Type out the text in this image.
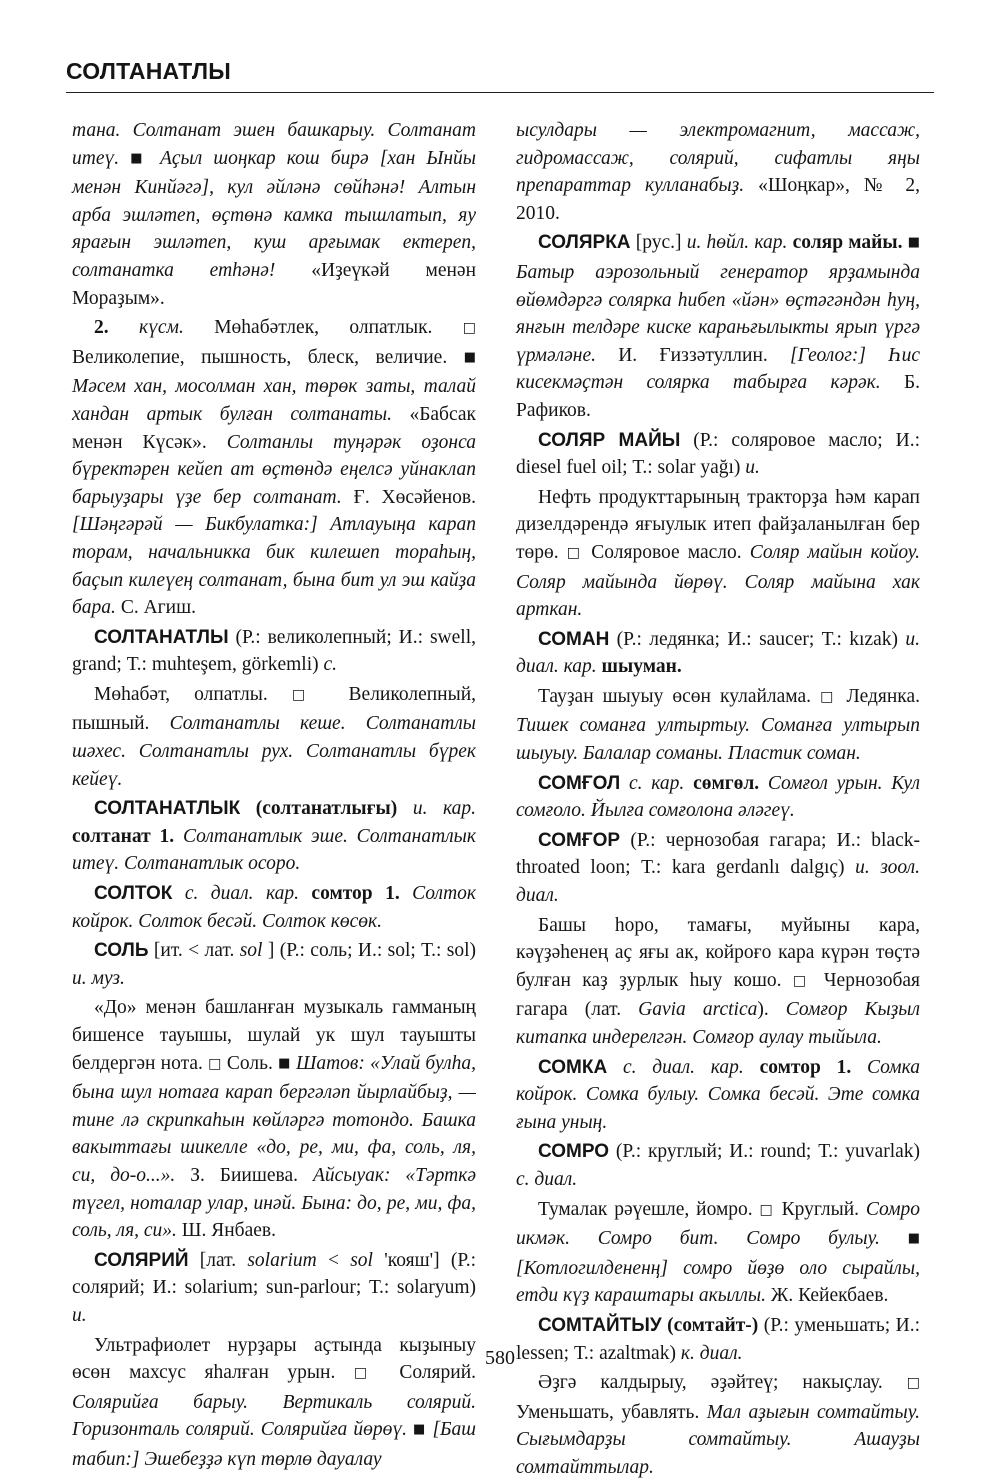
СОЛТАНАТЛЫ

тана. Солтанат эшен башкарыу. Солтанат итеү. ■ Аҫыл шоңкар кош бирә [хан Ынйы менән Кинйәгә], кул әйләнә сөйһәнә! Алтын арба эшләтеп, өҫтөнә камка тышлатып, яу ярағын эшләтеп, куш арғымак ектереп, солтанатка етһәнә! «Иҙеүкәй менән Мораҙым».

2. күсм. Мөһабәтлек, олпатлык. □ Великолепие, пышность, блеск, величие. ■ Мәсем хан, мосолман хан, төрөк заты, талай хандан артык булған солтанаты. «Бабсак менән Күсәк». Солтанлы туңәрәк оҙонса бүректәрен кейеп ат өҫтөндә еңелсә уйнаклап барыуҙары үҙе бер солтанат. Ғ. Хөсәйенов. [Шәңгәрәй — Бикбулатка:] Атлауыңа карап торам, начальникка бик килешеп тораһың, баҫып килеүең солтанат, бына бит ул эш кайҙа бара. С. Агиш.

СОЛТАНАТЛЫ (Р.: великолепный; И.: swell, grand; Т.: muhteşem, görkemli) с.

Мөһабәт, олпатлы. □ Великолепный, пышный. Солтанатлы кеше. Солтанатлы шәхес. Солтанатлы рух. Солтанатлы бүрек кейеү.

СОЛТАНАТЛЫК (солтанатлығы) и. кар. солтанат 1. Солтанатлык эше. Солтанатлык итеү. Солтанатлык осоро.

СОЛТОК с. диал. кар. сомтор 1. Солток койрок. Солток бесәй. Солток көсөк.

СОЛЬ [ит. < лат. sol ] (Р.: соль; И.: sol; Т.: sol) и. муз.

«До» менән башланған музыкаль гамманың бишенсе тауышы, шулай ук шул тауышты белдергән нота. □ Соль. ■ Шатов: «Улай булһа, бына шул нотаға карап бергәләп йырлайбыҙ, — тине лә скрипкаһын көйләргә тотондо. Башка вакыттағы шикелле «до, ре, ми, фа, соль, ля, си, до-о...». З. Биишева. Айсыуак: «Тәрткә түгел, ноталар улар, инәй. Бына: до, ре, ми, фа, соль, ля, си». Ш. Янбаев.

СОЛЯРИЙ [лат. solarium < sol 'кояш'] (Р.: солярий; И.: solarium; sun-parlour; Т.: solaryum) и.

Ультрафиолет нурҙары аҫтында кыҙыныу өсөн махсус яһалған урын. □ Солярий. Солярийға барыу. Вертикаль солярий. Горизонталь солярий. Солярийға йөрөү. ■ [Баш табип:] Эшебеҙҙә күп төрлө дауалау

ысулдары — электромагнит, массаж, гидромассаж, солярий, сифатлы яңы препараттар кулланабыҙ. «Шоңкар», № 2, 2010.

СОЛЯРКА [рус.] и. һөйл. кар. соляр майы. ■ Батыр аэрозольный генератор ярҙамында өйөмдәргә солярка һибеп «йән» өҫтәгәндән һуң, янғын телдәре киске карањғылыкты ярып үргә үрмәләне. И. Ғиззәтуллин. [Геолог:] Һис кисекмәҫтән солярка табырға кәрәк. Б. Рафиков.

СОЛЯР МАЙЫ (Р.: соляровое масло; И.: diesel fuel oil; Т.: solar yağı) и.

Нефть продукттарының тракторҙа һәм карап дизелдәрендә яғыулык итеп файҙаланылған бер төрө. □ Соляровое масло. Соляр майын койоу. Соляр майында йөрөү. Соляр майына хак арткан.

СОМАН (Р.: ледянка; И.: saucer; Т.: kızak) и. диал. кар. шыуман.

Тауҙан шыуыу өсөн кулайлама. □ Ледянка. Тишек соманға ултыртыу. Соманға ултырып шыуыу. Балалар соманы. Пластик соман.

СОМҒОЛ с. кар. сөмгөл. Сомғол урын. Кул сомғоло. Йылға сомғолона әләгеү.

СОМҒОР (Р.: чернозобая гагара; И.: black-throated loon; Т.: kara gerdanlı dalgıç) и. зоол. диал.

Башы һоро, тамағы, муйыны кара, кәүҙәһенең аҫ яғы ак, койроғо кара күрән төҫтә булған каҙ ҙурлык һыу кошо. □ Чернозобая гагара (лат. Gavia arctica). Сомғор Кыҙыл китапка индерелгән. Сомғор аулау тыйыла.

СОМКА с. диал. кар. сомтор 1. Сомка койрок. Сомка булыу. Сомка бесәй. Эте сомка ғына уның.

СОМРО (Р.: круглый; И.: round; Т.: yuvarlak) с. диал.

Тумалак рәүешле, йомро. □ Круглый. Сомро икмәк. Сомро бит. Сомро булыу. ■ [Котлогилдененң] сомро йөҙө оло сырайлы, етди күҙ караштары акыллы. Ж. Кейекбаев.

СОМТАЙТЫУ (сомтайт-) (Р.: уменьшать; И.: lessen; Т.: azaltmak) к. диал.

Әҙгә калдырыу, әҙәйтеү; накыҫлау. □ Уменьшать, убавлять. Мал аҙығын сомтайтыу. Сығымдарҙы сомтайтыу. Ашауҙы сомтайттылар.

580
